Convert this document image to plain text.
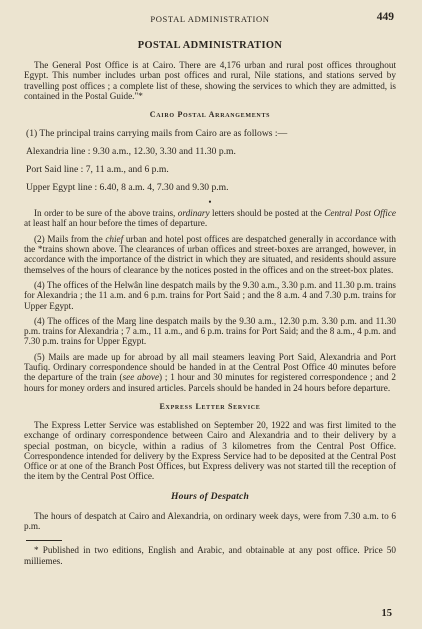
POSTAL ADMINISTRATION	449
POSTAL ADMINISTRATION

The General Post Office is at Cairo. There are 4,176 urban and rural post offices throughout Egypt. This number includes urban post offices and rural, Nile stations, and stations served by travelling post offices ; a complete list of these, showing the services to which they are admitted, is contained in the Postal Guide."*

Cairo Postal Arrangements
(1) The principal trains carrying mails from Cairo are as follows :—
Alexandria line : 9.30 a.m., 12.30, 3.30 and 11.30 p.m.
Port Said line : 7, 11 a.m., and 6 p.m.
Upper Egypt line : 6.40, 8 a.m. 4, 7.30 and 9.30 p.m.
•

In order to be sure of the above trains, ordinary letters should be posted at the Central Post Office at least half an hour before the times of departure.

(2) Mails from the chief urban and hotel post offices are despatched generally in accordance with the *trains shown above. The clearances of urban offices and street-boxes are arranged, however, in accordance with the importance of the district in which they are situated, and residents should assure themselves of the hours of clearance by the notices posted in the offices and on the street-box plates.

(4) The offices of the Helwân line despatch mails by the 9.30 a.m., 3.30 p.m. and 11.30 p.m. trains for Alexandria ; the 11 a.m. and 6 p.m. trains for Port Said ; and the 8 a.m. 4 and 7.30 p.m. trains for Upper Egypt.

(4) The offices of the Marg line despatch mails by the 9.30 a.m., 12.30 p.m. 3.30 p.m. and 11.30 p.m. trains for Alexandria ; 7 a.m., 11 a.m., and 6 p.m. trains for Port Said; and the 8 a.m., 4 p.m. and 7.30 p.m. trains for Upper Egypt.

(5) Mails are made up for abroad by all mail steamers leaving Port Said, Alexandria and Port Taufiq. Ordinary correspondence should be handed in at the Central Post Office 40 minutes before the departure of the train (see above) ; 1 hour and 30 minutes for registered correspondence ; and 2 hours for money orders and insured articles. Parcels should be handed in 24 hours before departure.

Express Letter Service

The Express Letter Service was established on September 20, 1922 and was first limited to the exchange of ordinary correspondence between Cairo and Alexandria and to their delivery by a special postman, on bicycle, within a radius of 3 kilometres from the Central Post Office. Correspondence intended for delivery by the Express Service had to be deposited at the Central Post Office or at one of the Branch Post Offices, but Express delivery was not started till the reception of the item by the Central Post Office.

Hours of Despatch

The hours of despatch at Cairo and Alexandria, on ordinary week days, were from 7.30 a.m. to 6 p.m.

* Published in two editions, English and Arabic, and obtainable at any post office. Price 50 milliemes.

15
